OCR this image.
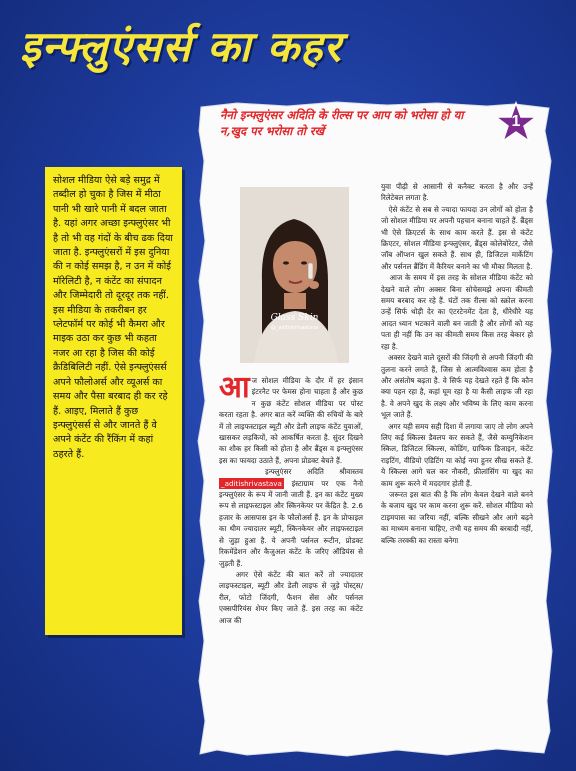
इन्फ्लुएंसर्स का कहर

सोशल मीडिया ऐसे बड़े समुद्र में तब्दील हो चुका है जिस में मीठा पानी भी खारे पानी में बदल जाता है. यहां अगर अच्छा इन्फ्लुएंसर भी है तो भी वह गंदों के बीच ढक दिया जाता है. इन्फ्लुएंसरों में इस दुनिया की न कोई समझ है, न उन में कोई मॉरेलिटी है, न कंटेंट का संपादन और जिम्मेदारी तो दूरदूर तक नहीं. इस मीडिया के तकरीबन हर प्लेटफॉर्म पर कोई भी कैमरा और माइक उठा कर कुछ भी कहता नजर आ रहा है जिस की कोई क्रैडिबिलिटी नहीं. ऐसे इन्फ्लुएंसर्स अपने फौलोअर्स और व्यूअर्स का समय और पैसा बरबाद ही कर रहे हैं. आइए, मिलाते हैं कुछ इन्फ्लुएंसर्स से और जानते हैं वे अपने कंटेंट की रैंकिंग में कहां ठहरते हैं.

नैनो इन्फ्लुएंसर अदिति के रील्स पर आप को भरोसा हो या न,खुद पर भरोसा तो रखें
1
Glass Skin
@_aditishrivastava

आज सोशल मीडिया के दौर में हर इंसान इंटरनैट पर फेमस होना चाहता है और कुछ न कुछ कंटेंट सोशल मीडिया पर पोस्ट करता रहता है. अगर बात करें व्यक्ति की रुचियों के बारे में तो लाइफस्टाइल ब्यूटी और डेली लाइफ कंटेंट युवाओं, खासकर लड़कियों, को आकर्षित करता है. सुंदर दिखने का शौक हर किसी को होता है और ब्रैंड्स व इन्फ्लुएंसर इस का फायदा उठाते हैं, अपना प्रोडक्ट बेचते हैं.

इन्फ्लुएंसर अदिति श्रीवास्तव _aditishrivastava इंस्टाग्राम पर एक नैनो इन्फ्लुएंसर के रूप में जानी जाती हैं. इन का कंटेंट मुख्य रूप से लाइफस्टाइल और स्किनकेयर पर केंद्रित है. 2.6 हजार के आसपास इन के फौलोअर्स हैं. इन के प्रोफाइल का थीम ज्यादातर ब्यूटी, स्किनकेयर और लाइफस्टाइल से जुड़ा हुआ है. ये अपनी पर्सनल रूटीन, प्रोडक्ट रिकमेंडेशन और कैजुअल कंटेंट के जरिए ऑडियंस से जुड़ती हैं.

अगर ऐसे कंटेंट की बात करें तो ज्यादातर लाइफस्टाइल, ब्यूटी और डेली लाइफ से जुड़े पोस्ट्स/रील, फोटो जिंदगी, फैशन सेंस और पर्सनल एक्सपीरियंस शेयर किए जाते हैं. इस तरह का कंटेंट आज की

युवा पीढ़ी से आसानी से कनैक्ट करता है और उन्हें रिलेटेबल लगता है.

ऐसे कंटेंट से सब से ज्यादा फायदा उन लोगों को होता है जो सोशल मीडिया पर अपनी पहचान बनाना चाहते हैं. ब्रैंड्स भी ऐसे क्रिएटर्स के साथ काम करते हैं. इस से कंटेंट क्रिएटर, सोशल मीडिया इन्फ्लुएंसर, ब्रैंड्स कोलेबोरेटर, जैसे जॉब ऑप्शन खुल सकते हैं. साथ ही, डिजिटल मार्केटिंग और पर्सनल ब्रैंडिंग में कैरियर बनाने का भी मौका मिलता है.

आज के समय में इस तरह के सोशल मीडिया कंटेंट को देखने वाले लोग अक्सर बिना सोचेसमझे अपना कीमती समय बरबाद कर रहे हैं. घंटों तक रील्स को स्क्रोल करना उन्हें सिर्फ थोड़ी देर का एंटरटेनमेंट देता है, धीरेधीरे यह आदत ध्यान भटकाने वाली बन जाती है और लोगों को यह पता ही नहीं कि उन का कीमती समय किस तरह बेकार हो रहा है.

अक्सर देखने वाले दूसरों की जिंदगी से अपनी जिंदगी की तुलना करने लगते हैं, जिस से आत्मविश्वास कम होता है और असंतोष बढ़ता है. वे सिर्फ यह देखते रहते हैं कि कौन क्या पहन रहा है, कहां घूम रहा है या कैसी लाइफ जी रहा है. वे अपने खुद के लक्ष्य और भविष्य के लिए काम करना भूल जाते हैं.

अगर यही समय सही दिशा में लगाया जाए तो लोग अपने लिए कई स्किल्स डैवलप कर सकते हैं, जैसे कम्युनिकेशन स्किल, डिजिटल स्किल्स, कोडिंग, ग्राफिक डिजाइन, कंटेंट राइटिंग, वीडियो एडिटिंग या कोई नया हुनर सीख सकते हैं. ये स्किल्स आगे चल कर नौकरी, फ्रीलांसिंग या खुद का काम शुरू करने में मददगार होती हैं.

जरूरत इस बात की है कि लोग केवल देखने वाले बनने के बजाय खुद पर काम करना शुरू करें. सोशल मीडिया को टाइमपास का जरिया नहीं, बल्कि सीखने और आगे बढ़ने का माध्यम बनाना चाहिए, तभी यह समय की बरबादी नहीं, बल्कि तरक्की का रास्ता बनेगा
